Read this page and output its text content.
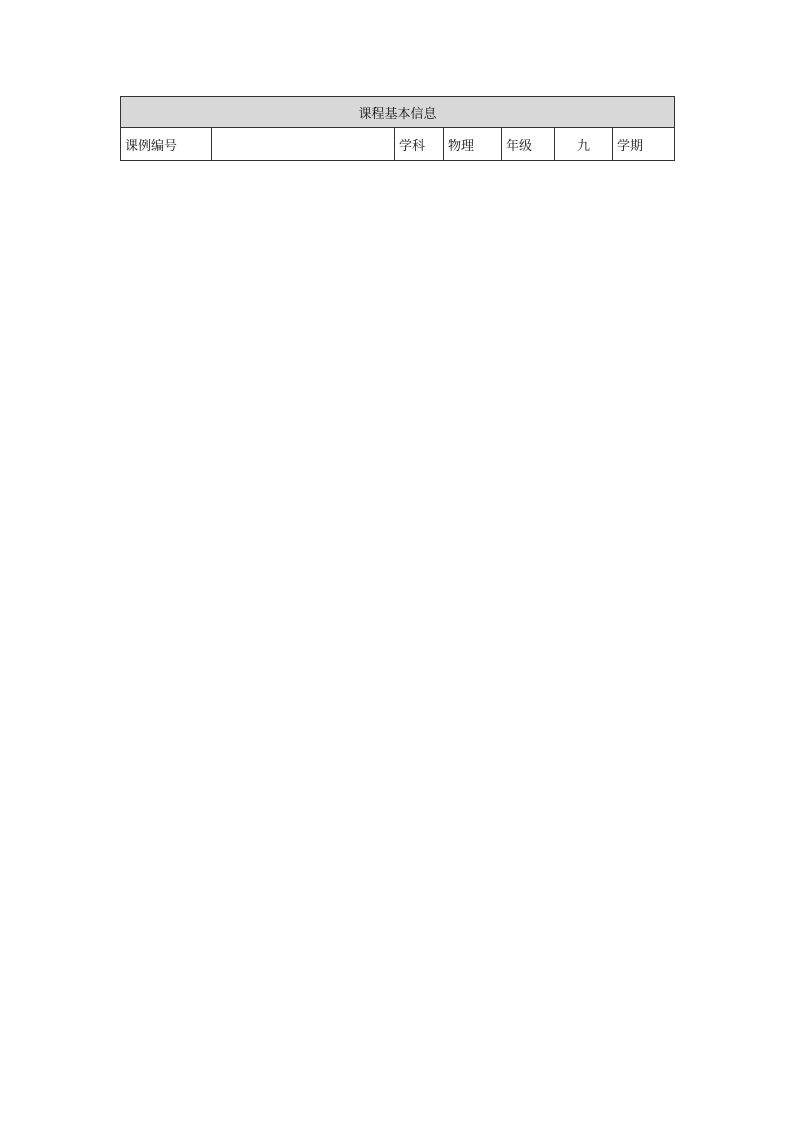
课程基本信息
课例编号		学科	物理	年级	九	学期
